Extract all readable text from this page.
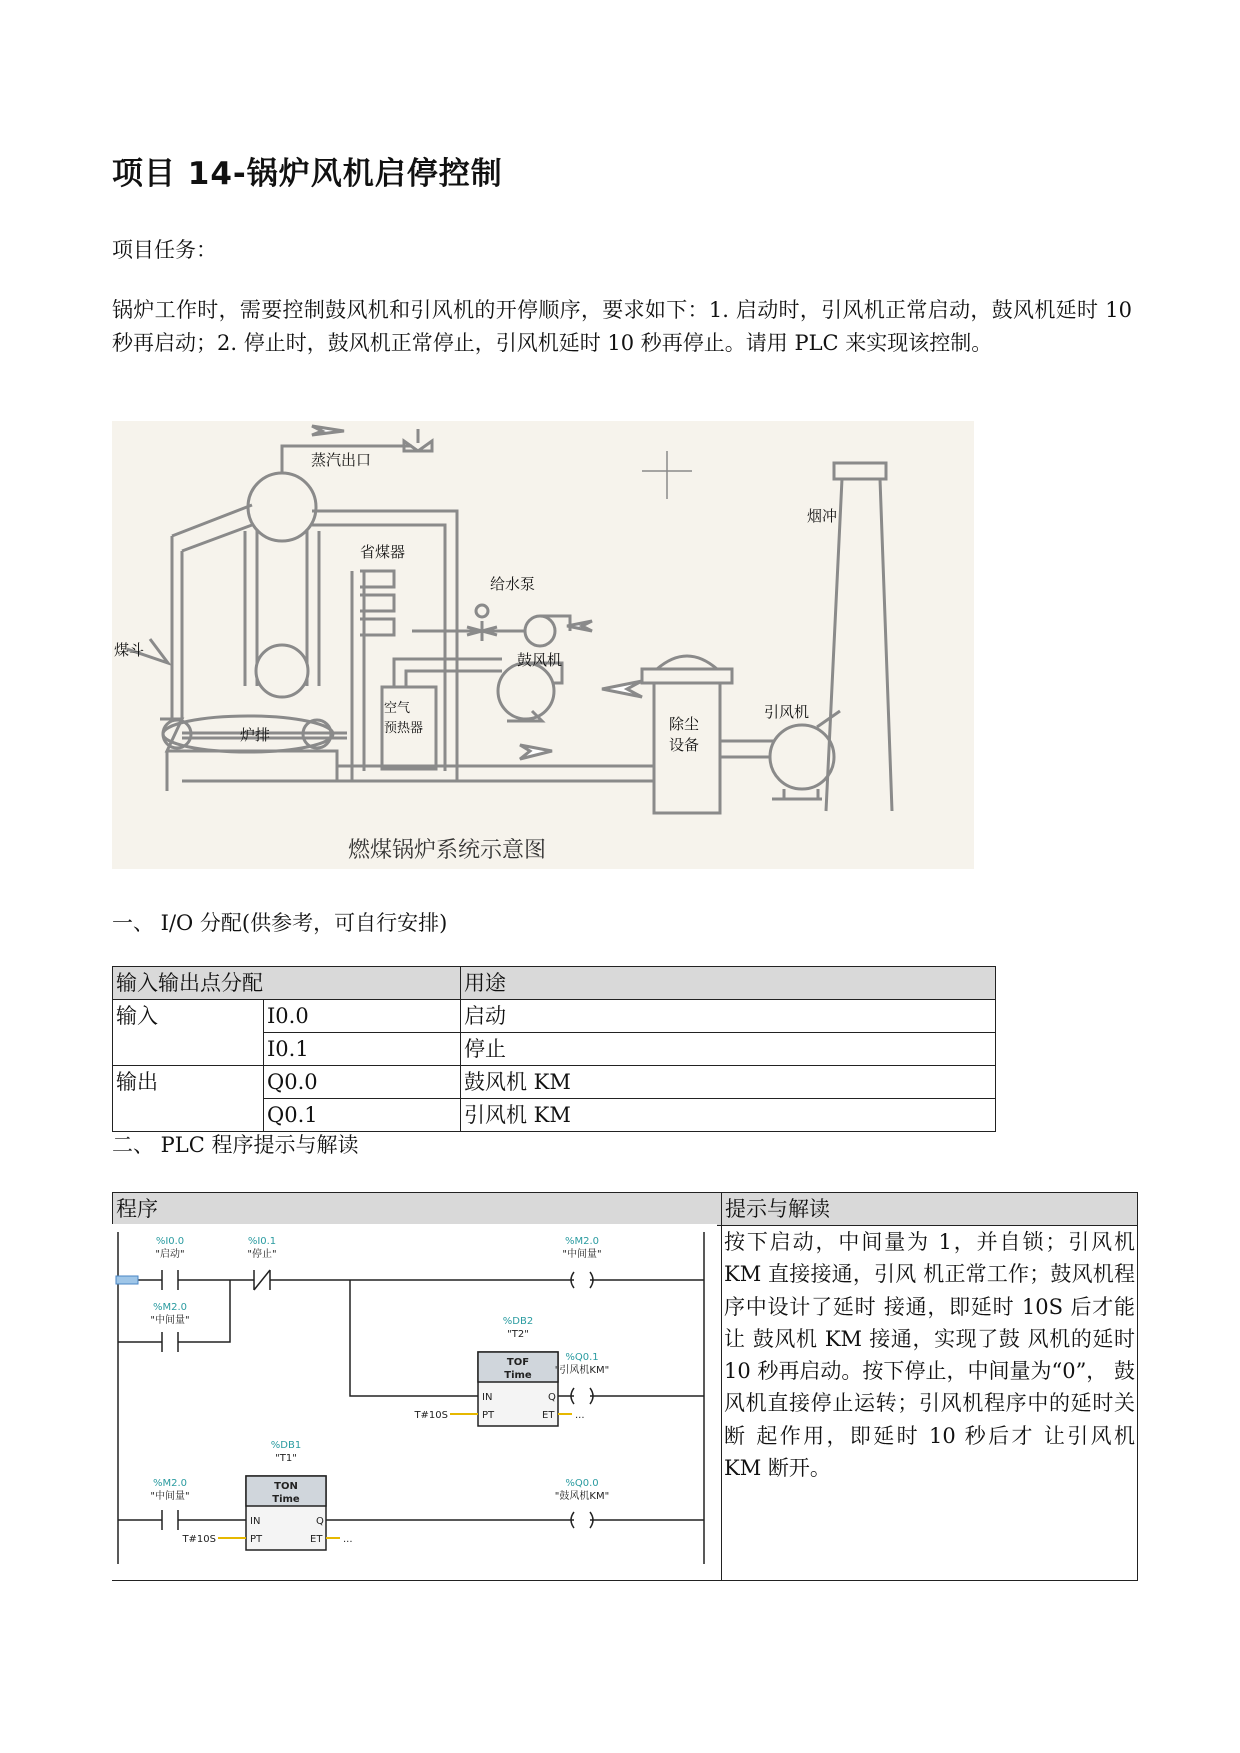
项目 14-锅炉风机启停控制
项目任务：
锅炉工作时，需要控制鼓风机和引风机的开停顺序，要求如下：1. 启动时，引风机正常启动，鼓风机延时 10 秒再启动；2. 停止时，鼓风机正常停止，引风机延时 10 秒再停止。请用 PLC 来实现该控制。
蒸汽出口
省煤器
给水泵
煤斗
鼓风机
空气
预热器
炉排
除尘
设备
引风机
烟冲
燃煤锅炉系统示意图
一、 I/O 分配(供参考，可自行安排)
输入输出点分配		用途
输入	I0.0	启动
	I0.1	停止
输出	Q0.0	鼓风机 KM
	Q0.1	引风机 KM
二、 PLC 程序提示与解读
程序	提示与解读
	按下启动，中间量为 1，并自锁；引风机 KM 直接接通，引风 机正常工作；鼓风机程序中设计了延时 接通，即延时 10S 后才能让 鼓风机 KM 接通，实现了鼓 风机的延时 10 秒再启动。按下停止，中间量为“0”， 鼓风机直接停止运转；引风机程序中的延时关断 起作用，即延时 10 秒后才 让引风机 KM 断开。
%I0.0
"启动"
%I0.1
"停止"
%M2.0
"中间量"
%M2.0
"中间量"	%DB2
"T2"
TOF
Time
IN	Q
PT	ET
T#10S	...
%Q0.1
"引风机KM"
%DB1
"T1"
TON
Time
IN	Q
PT	ET
T#10S	...
%M2.0
"中间量"
%Q0.0
"鼓风机KM"
